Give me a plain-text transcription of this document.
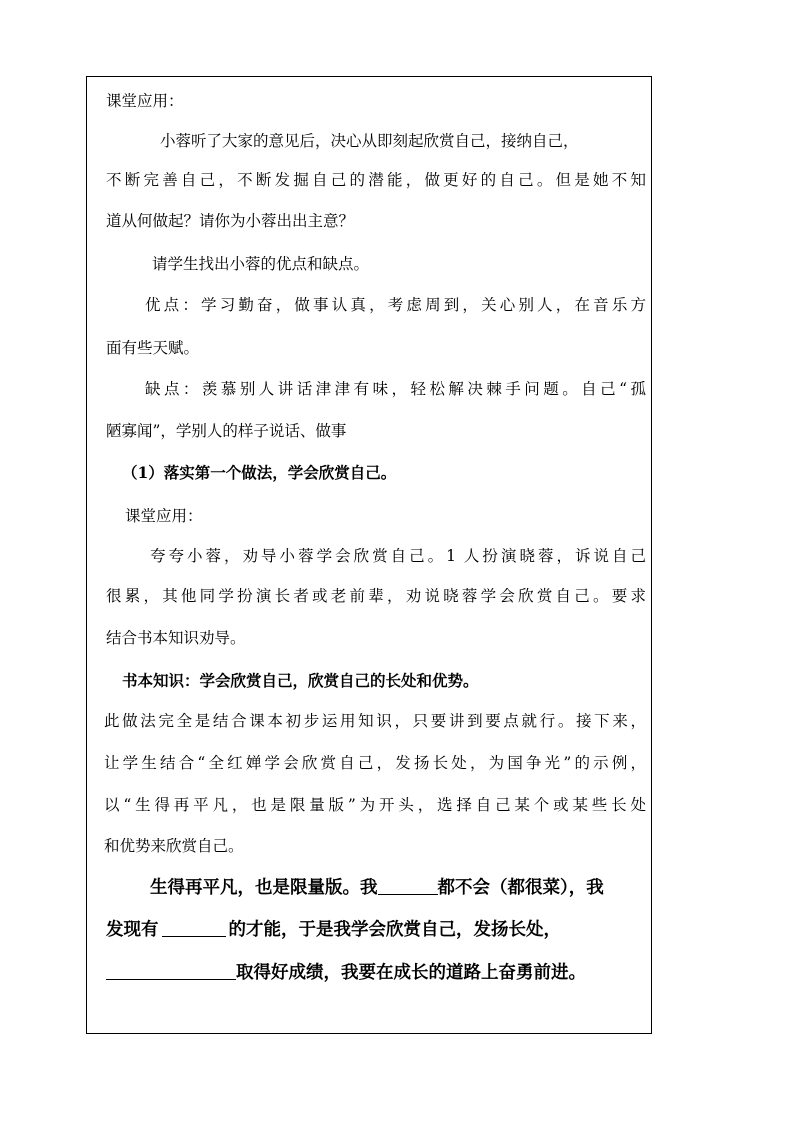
课堂应用：
小蓉听了大家的意见后，决心从即刻起欣赏自己，接纳自己，
不断完善自己，不断发掘自己的潜能，做更好的自己。但是她不知
道从何做起？请你为小蓉出出主意？
请学生找出小蓉的优点和缺点。
优点：学习勤奋，做事认真，考虑周到，关心别人，在音乐方
面有些天赋。
缺点：羡慕别人讲话津津有味，轻松解决棘手问题。自己“孤
陋寡闻”，学别人的样子说话、做事
（1）落实第一个做法，学会欣赏自己。
课堂应用：
夸夸小蓉，劝导小蓉学会欣赏自己。1 人扮演晓蓉，诉说自己
很累，其他同学扮演长者或老前辈，劝说晓蓉学会欣赏自己。要求
结合书本知识劝导。
书本知识：学会欣赏自己，欣赏自己的长处和优势。
此做法完全是结合课本初步运用知识，只要讲到要点就行。接下来，
让学生结合“全红婵学会欣赏自己，发扬长处，为国争光”的示例，
以“生得再平凡，也是限量版”为开头，选择自己某个或某些长处
和优势来欣赏自己。
生得再平凡，也是限量版。我	都不会（都很菜），我
发现有	的才能，于是我学会欣赏自己，发扬长处，
取得好成绩，我要在成长的道路上奋勇前进。
